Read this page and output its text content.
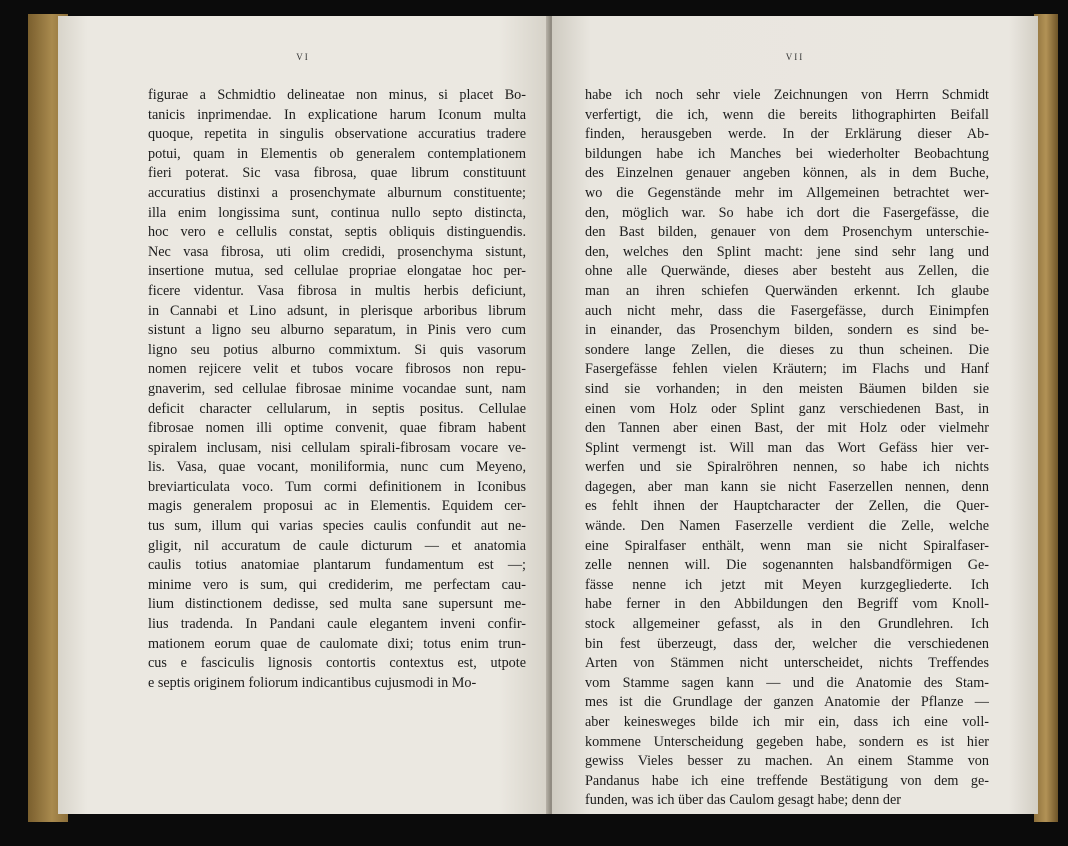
VI
figurae a Schmidtio delineatae non minus, si placet Bo-
tanicis inprimendae. In explicatione harum Iconum multa
quoque, repetita in singulis observatione accuratius tradere
potui, quam in Elementis ob generalem contemplationem
fieri poterat. Sic vasa fibrosa, quae librum constituunt
accuratius distinxi a prosenchymate alburnum constituente;
illa enim longissima sunt, continua nullo septo distincta,
hoc vero e cellulis constat, septis obliquis distinguendis.
Nec vasa fibrosa, uti olim credidi, prosenchyma sistunt,
insertione mutua, sed cellulae propriae elongatae hoc per-
ficere videntur. Vasa fibrosa in multis herbis deficiunt,
in Cannabi et Lino adsunt, in plerisque arboribus librum
sistunt a ligno seu alburno separatum, in Pinis vero cum
ligno seu potius alburno commixtum. Si quis vasorum
nomen rejicere velit et tubos vocare fibrosos non repu-
gnaverim, sed cellulae fibrosae minime vocandae sunt, nam
deficit character cellularum, in septis positus. Cellulae
fibrosae nomen illi optime convenit, quae fibram habent
spiralem inclusam, nisi cellulam spirali-fibrosam vocare ve-
lis. Vasa, quae vocant, moniliformia, nunc cum Meyeno,
breviarticulata voco. Tum cormi definitionem in Iconibus
magis generalem proposui ac in Elementis. Equidem cer-
tus sum, illum qui varias species caulis confundit aut ne-
gligit, nil accuratum de caule dicturum — et anatomia
caulis totius anatomiae plantarum fundamentum est —;
minime vero is sum, qui crediderim, me perfectam cau-
lium distinctionem dedisse, sed multa sane supersunt me-
lius tradenda. In Pandani caule elegantem inveni confir-
mationem eorum quae de caulomate dixi; totus enim trun-
cus e fasciculis lignosis contortis contextus est, utpote
e septis originem foliorum indicantibus cujusmodi in Mo-
VII
habe ich noch sehr viele Zeichnungen von Herrn Schmidt
verfertigt, die ich, wenn die bereits lithographirten Beifall
finden, herausgeben werde. In der Erklärung dieser Ab-
bildungen habe ich Manches bei wiederholter Beobachtung
des Einzelnen genauer angeben können, als in dem Buche,
wo die Gegenstände mehr im Allgemeinen betrachtet wer-
den, möglich war. So habe ich dort die Fasergefässe, die
den Bast bilden, genauer von dem Prosenchym unterschie-
den, welches den Splint macht: jene sind sehr lang und
ohne alle Querwände, dieses aber besteht aus Zellen, die
man an ihren schiefen Querwänden erkennt. Ich glaube
auch nicht mehr, dass die Fasergefässe, durch Einimpfen
in einander, das Prosenchym bilden, sondern es sind be-
sondere lange Zellen, die dieses zu thun scheinen. Die
Fasergefässe fehlen vielen Kräutern; im Flachs und Hanf
sind sie vorhanden; in den meisten Bäumen bilden sie
einen vom Holz oder Splint ganz verschiedenen Bast, in
den Tannen aber einen Bast, der mit Holz oder vielmehr
Splint vermengt ist. Will man das Wort Gefäss hier ver-
werfen und sie Spiralröhren nennen, so habe ich nichts
dagegen, aber man kann sie nicht Faserzellen nennen, denn
es fehlt ihnen der Hauptcharacter der Zellen, die Quer-
wände. Den Namen Faserzelle verdient die Zelle, welche
eine Spiralfaser enthält, wenn man sie nicht Spiralfaser-
zelle nennen will. Die sogenannten halsbandförmigen Ge-
fässe nenne ich jetzt mit Meyen kurzgegliederte. Ich
habe ferner in den Abbildungen den Begriff vom Knoll-
stock allgemeiner gefasst, als in den Grundlehren. Ich
bin fest überzeugt, dass der, welcher die verschiedenen
Arten von Stämmen nicht unterscheidet, nichts Treffendes
vom Stamme sagen kann — und die Anatomie des Stam-
mes ist die Grundlage der ganzen Anatomie der Pflanze —
aber keinesweges bilde ich mir ein, dass ich eine voll-
kommene Unterscheidung gegeben habe, sondern es ist hier
gewiss Vieles besser zu machen. An einem Stamme von
Pandanus habe ich eine treffende Bestätigung von dem ge-
funden, was ich über das Caulom gesagt habe; denn der
